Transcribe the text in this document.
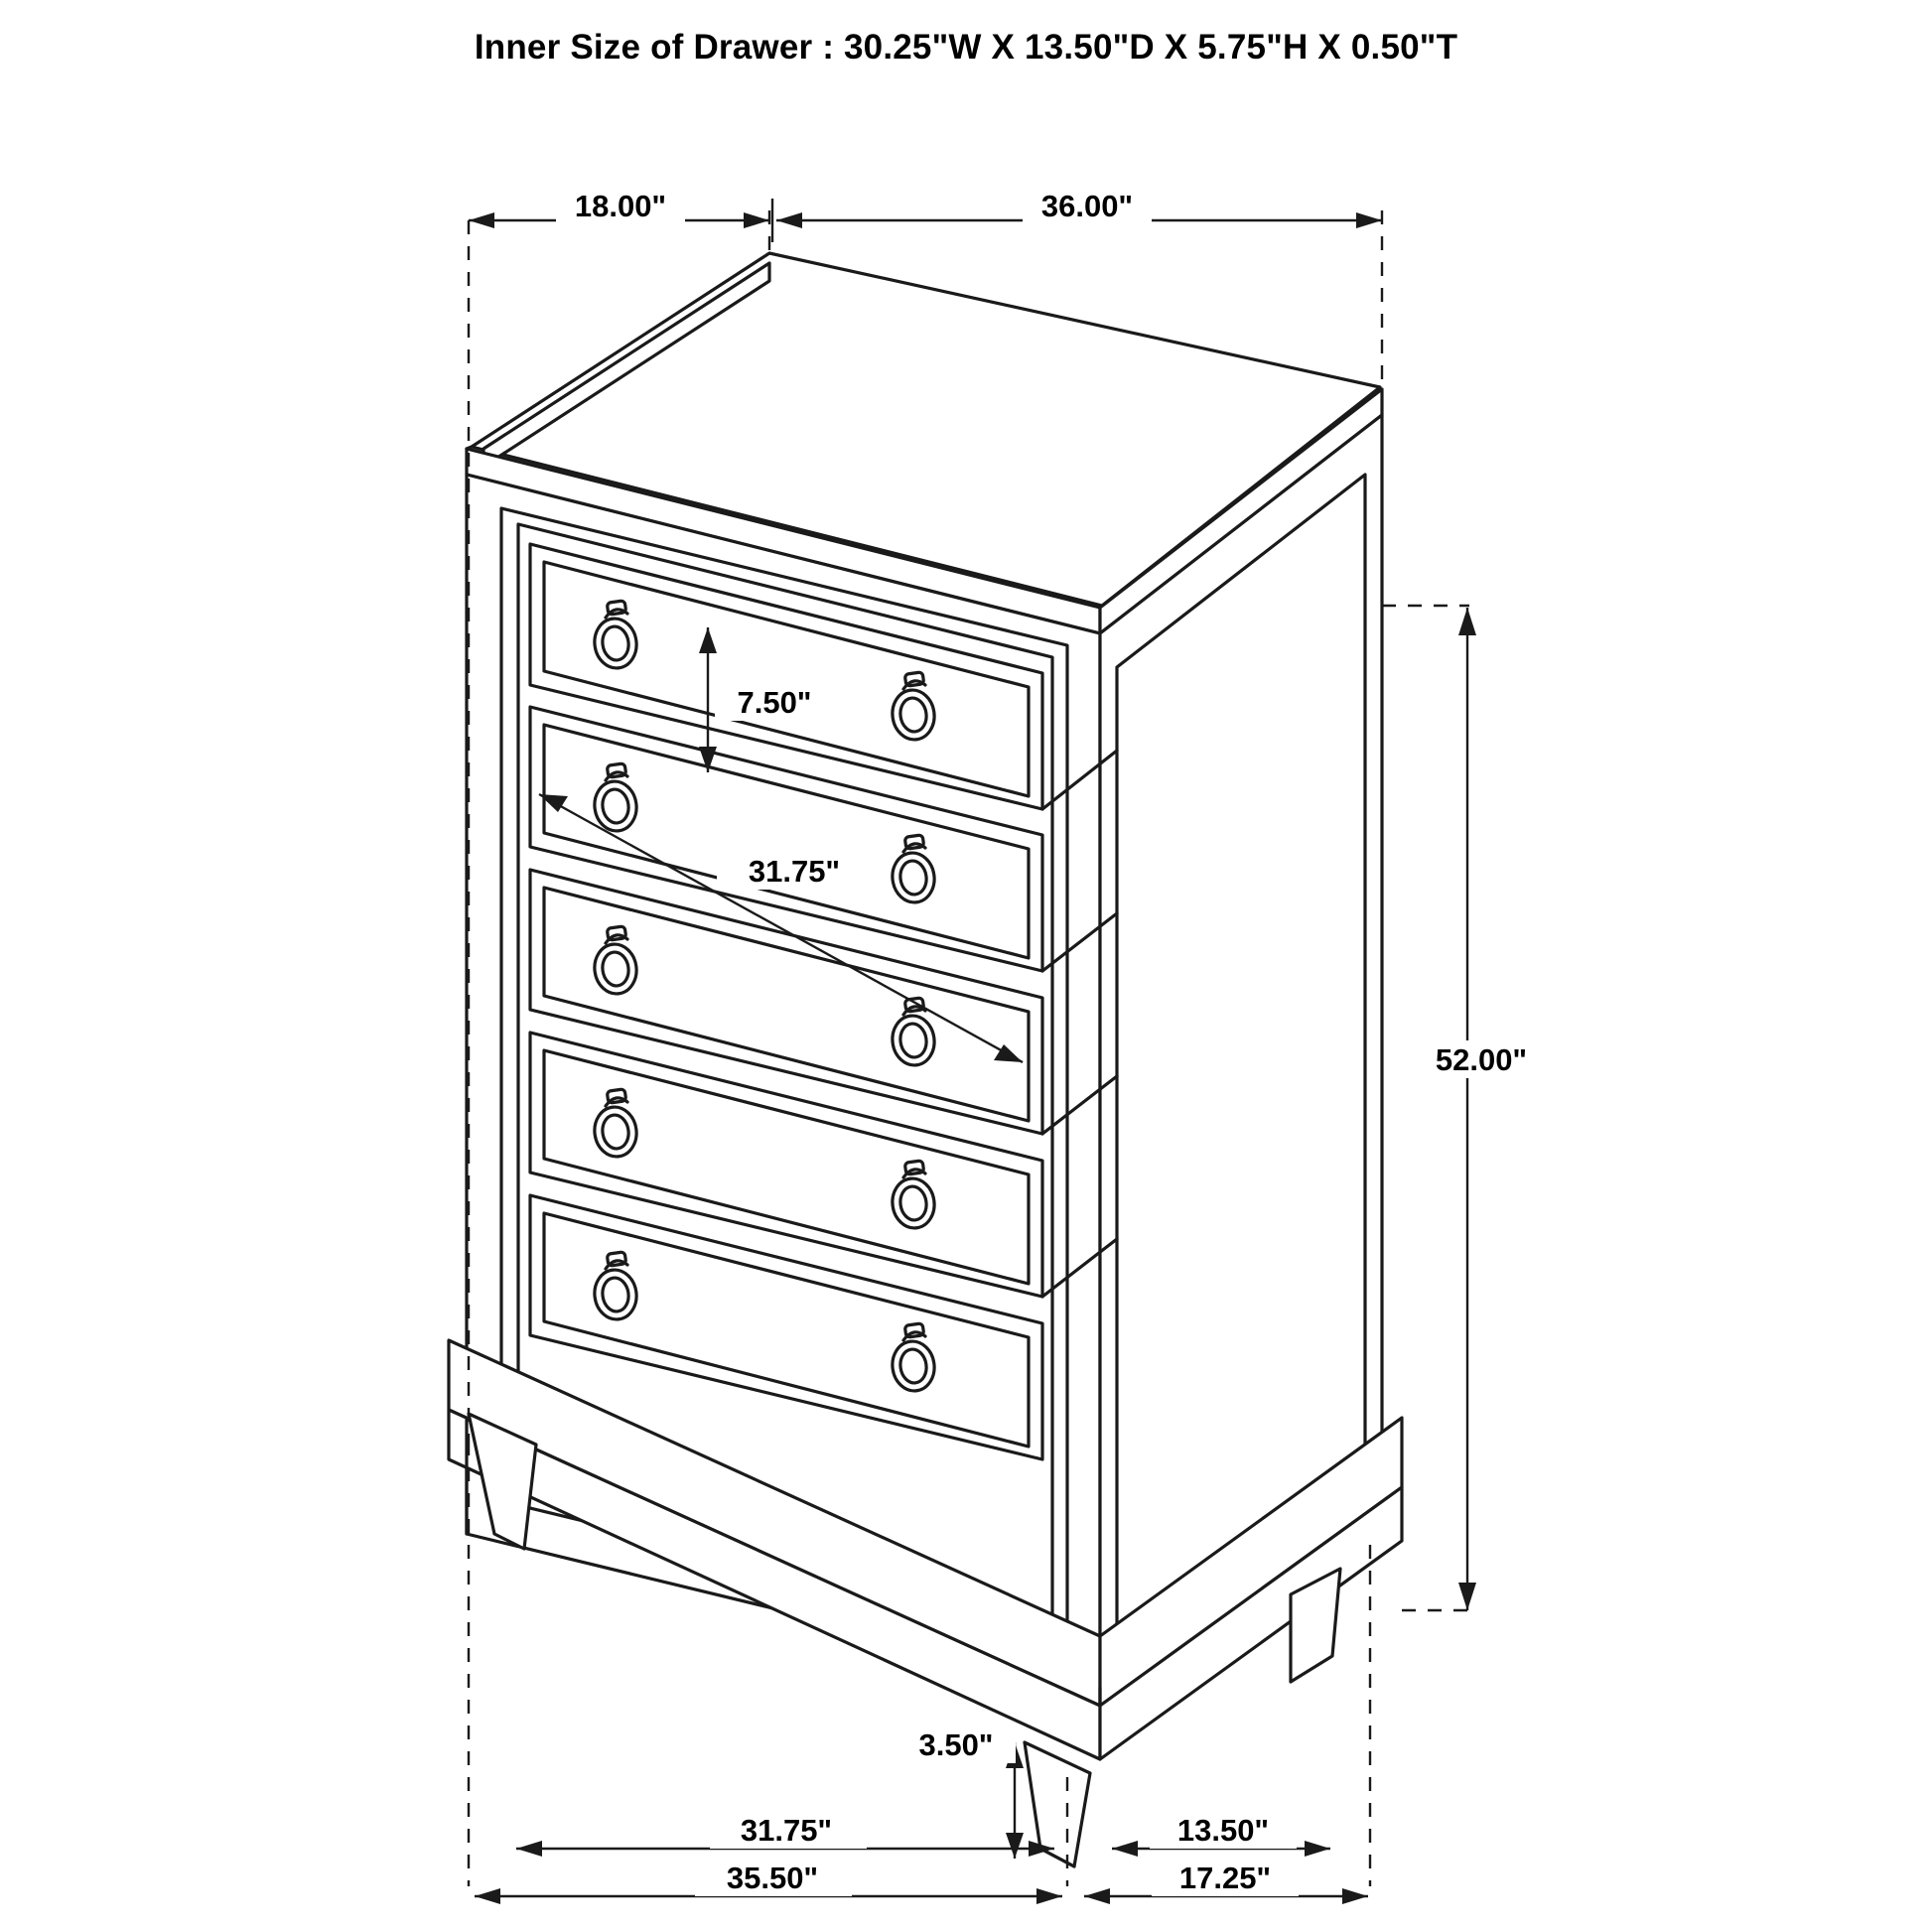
Inner Size of Drawer : 30.25"W X 13.50"D X 5.75"H X 0.50"T
18.00"	36.00"
7.50"
31.75"
52.00"
3.50"
31.75"	13.50"
35.50"	17.25"
